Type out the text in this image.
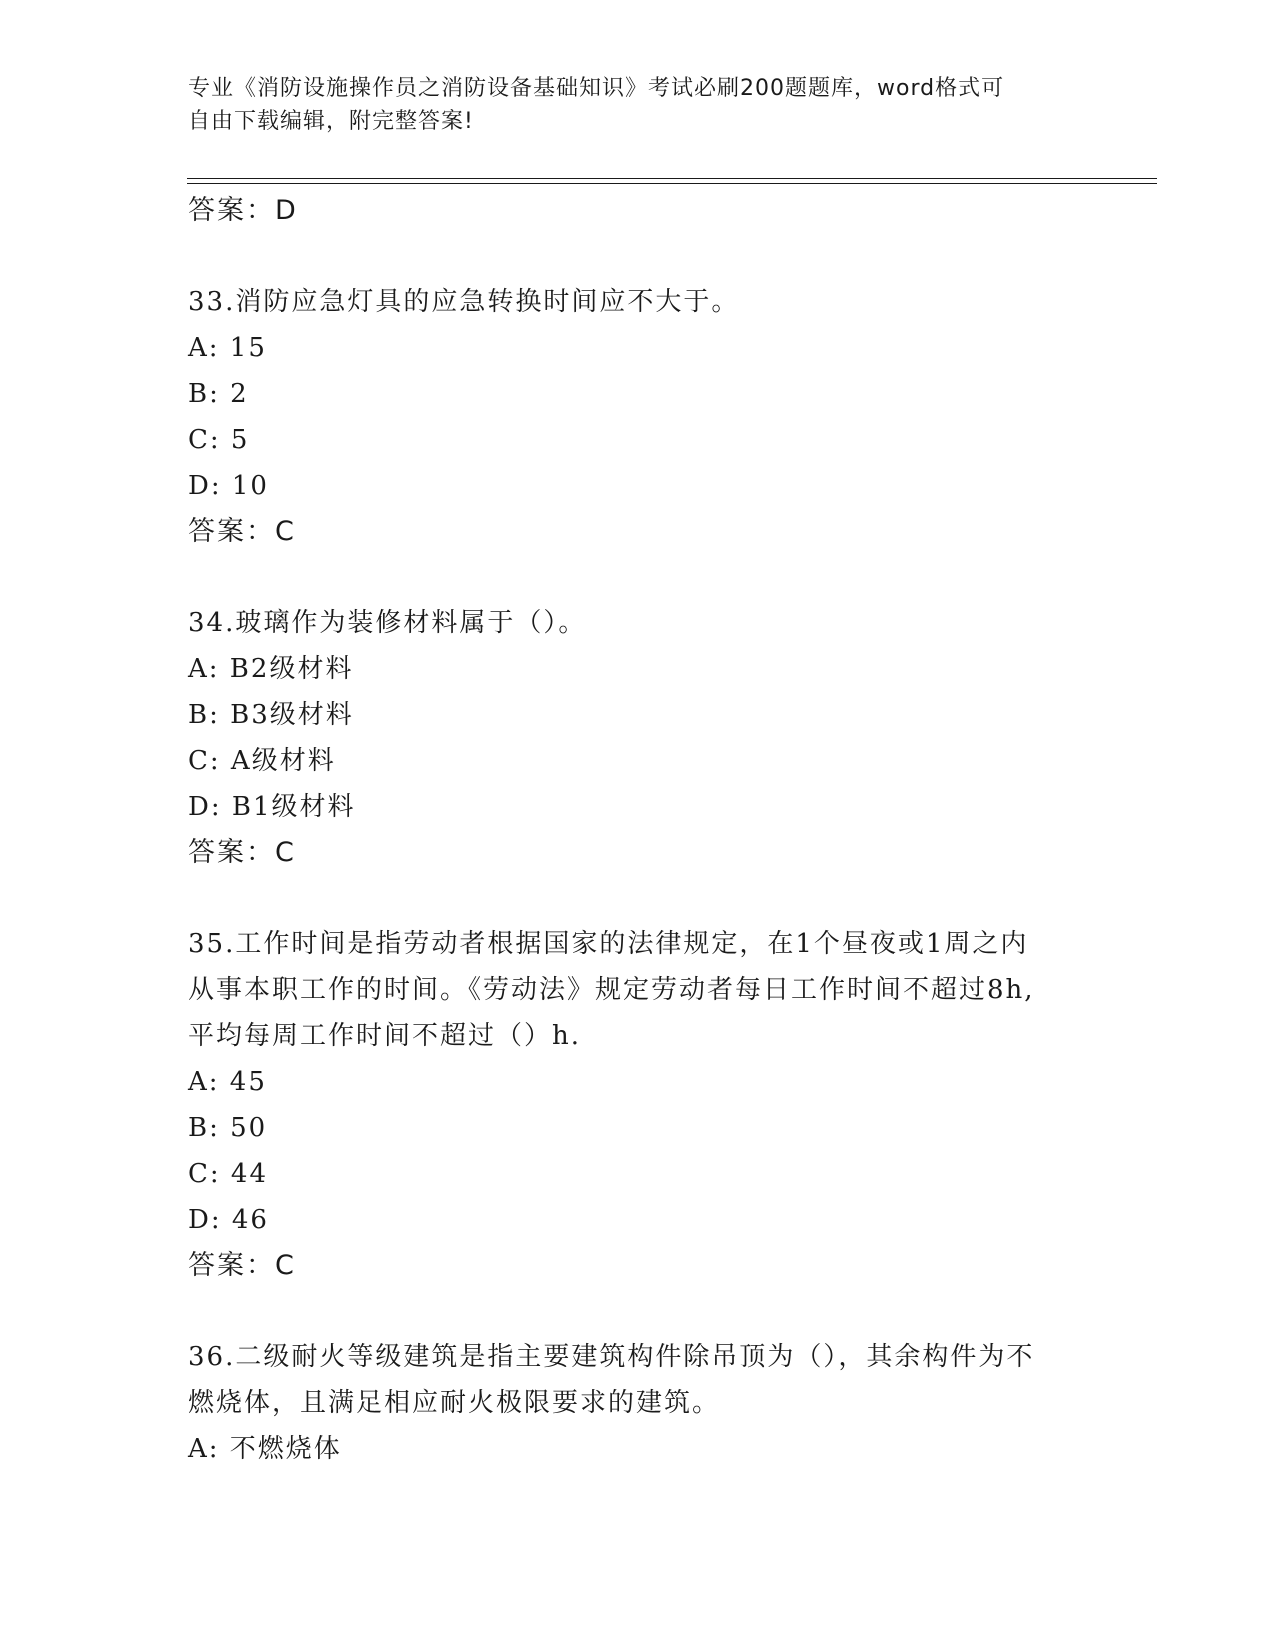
专业《消防设施操作员之消防设备基础知识》考试必刷200题题库，word格式可
自由下载编辑，附完整答案!
答案：D
33.消防应急灯具的应急转换时间应不大于。
A: 15
B: 2
C: 5
D: 10
答案：C
34.玻璃作为装修材料属于（）。
A: B2级材料
B: B3级材料
C: A级材料
D: B1级材料
答案：C
35.工作时间是指劳动者根据国家的法律规定，在1个昼夜或1周之内
从事本职工作的时间。《劳动法》规定劳动者每日工作时间不超过8h,
平均每周工作时间不超过（）h.
A: 45
B: 50
C: 44
D: 46
答案：C
36.二级耐火等级建筑是指主要建筑构件除吊顶为（），其余构件为不
燃烧体，且满足相应耐火极限要求的建筑。
A: 不燃烧体
